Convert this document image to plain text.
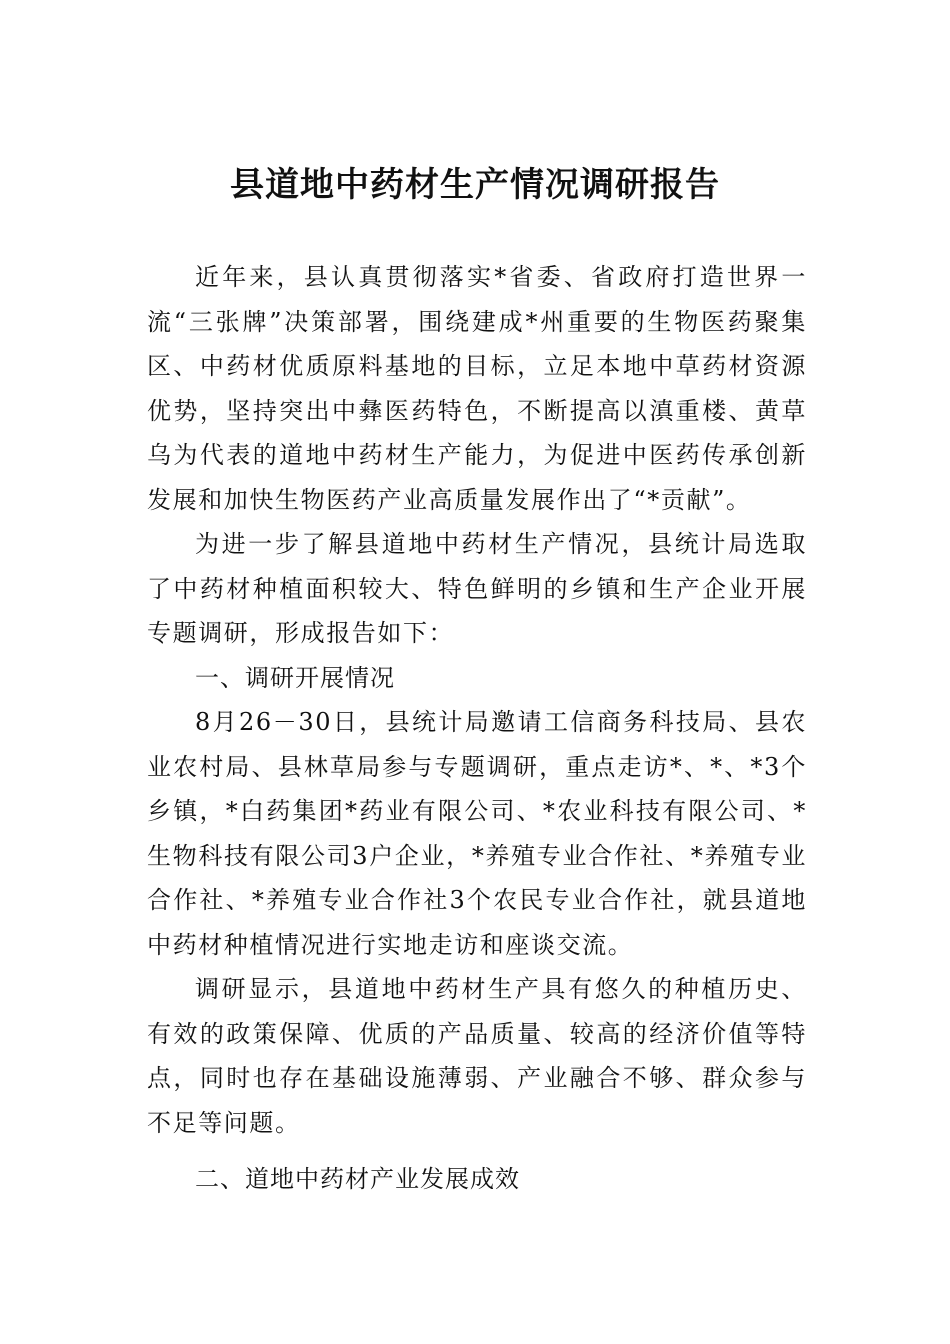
县道地中药材生产情况调研报告

近年来，县认真贯彻落实*省委、省政府打造世界一流“三张牌”决策部署，围绕建成*州重要的生物医药聚集区、中药材优质原料基地的目标，立足本地中草药材资源优势，坚持突出中彝医药特色，不断提高以滇重楼、黄草乌为代表的道地中药材生产能力，为促进中医药传承创新发展和加快生物医药产业高质量发展作出了“*贡献”。

为进一步了解县道地中药材生产情况，县统计局选取了中药材种植面积较大、特色鲜明的乡镇和生产企业开展专题调研，形成报告如下：

一、调研开展情况

8月26－30日，县统计局邀请工信商务科技局、县农业农村局、县林草局参与专题调研，重点走访*、*、*3个乡镇，*白药集团*药业有限公司、*农业科技有限公司、*生物科技有限公司3户企业，*养殖专业合作社、*养殖专业合作社、*养殖专业合作社3个农民专业合作社，就县道地中药材种植情况进行实地走访和座谈交流。

调研显示，县道地中药材生产具有悠久的种植历史、有效的政策保障、优质的产品质量、较高的经济价值等特点，同时也存在基础设施薄弱、产业融合不够、群众参与不足等问题。

二、道地中药材产业发展成效
